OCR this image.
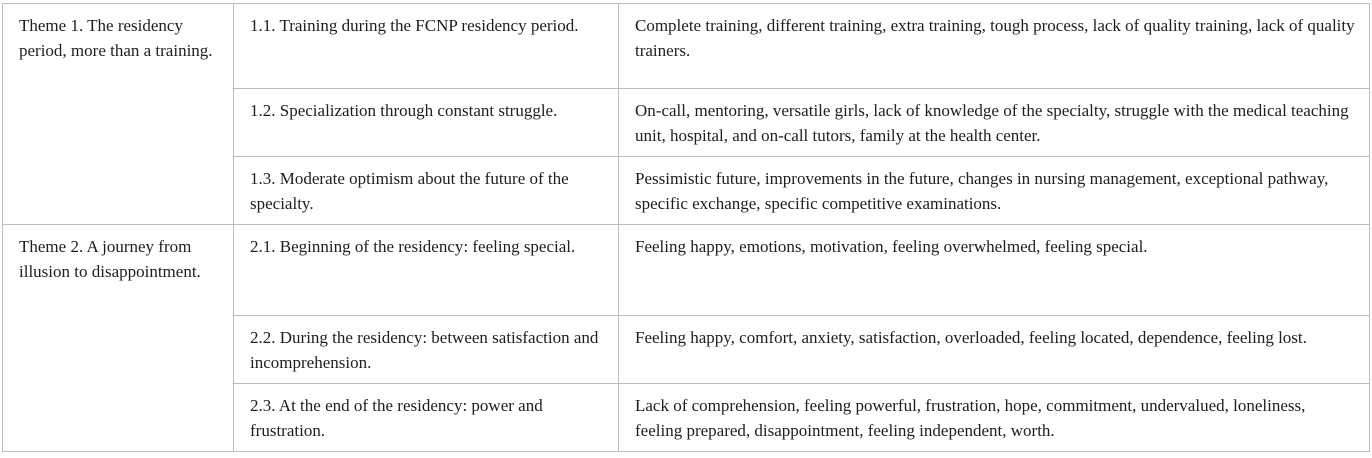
Theme 1. The residency period, more than a training.	1.1. Training during the FCNP residency period.	Complete training, different training, extra training, tough process, lack of quality training, lack of quality trainers.
	1.2. Specialization through constant struggle.	On-call, mentoring, versatile girls, lack of knowledge of the specialty, struggle with the medical teaching unit, hospital, and on-call tutors, family at the health center.
	1.3. Moderate optimism about the future of the specialty.	Pessimistic future, improvements in the future, changes in nursing management, exceptional pathway, specific exchange, specific competitive examinations.
Theme 2. A journey from illusion to disappointment.	2.1. Beginning of the residency: feeling special.	Feeling happy, emotions, motivation, feeling overwhelmed, feeling special.
	2.2. During the residency: between satisfaction and incomprehension.	Feeling happy, comfort, anxiety, satisfaction, overloaded, feeling located, dependence, feeling lost.
	2.3. At the end of the residency: power and frustration.	Lack of comprehension, feeling powerful, frustration, hope, commitment, undervalued, loneliness, feeling prepared, disappointment, feeling independent, worth.
